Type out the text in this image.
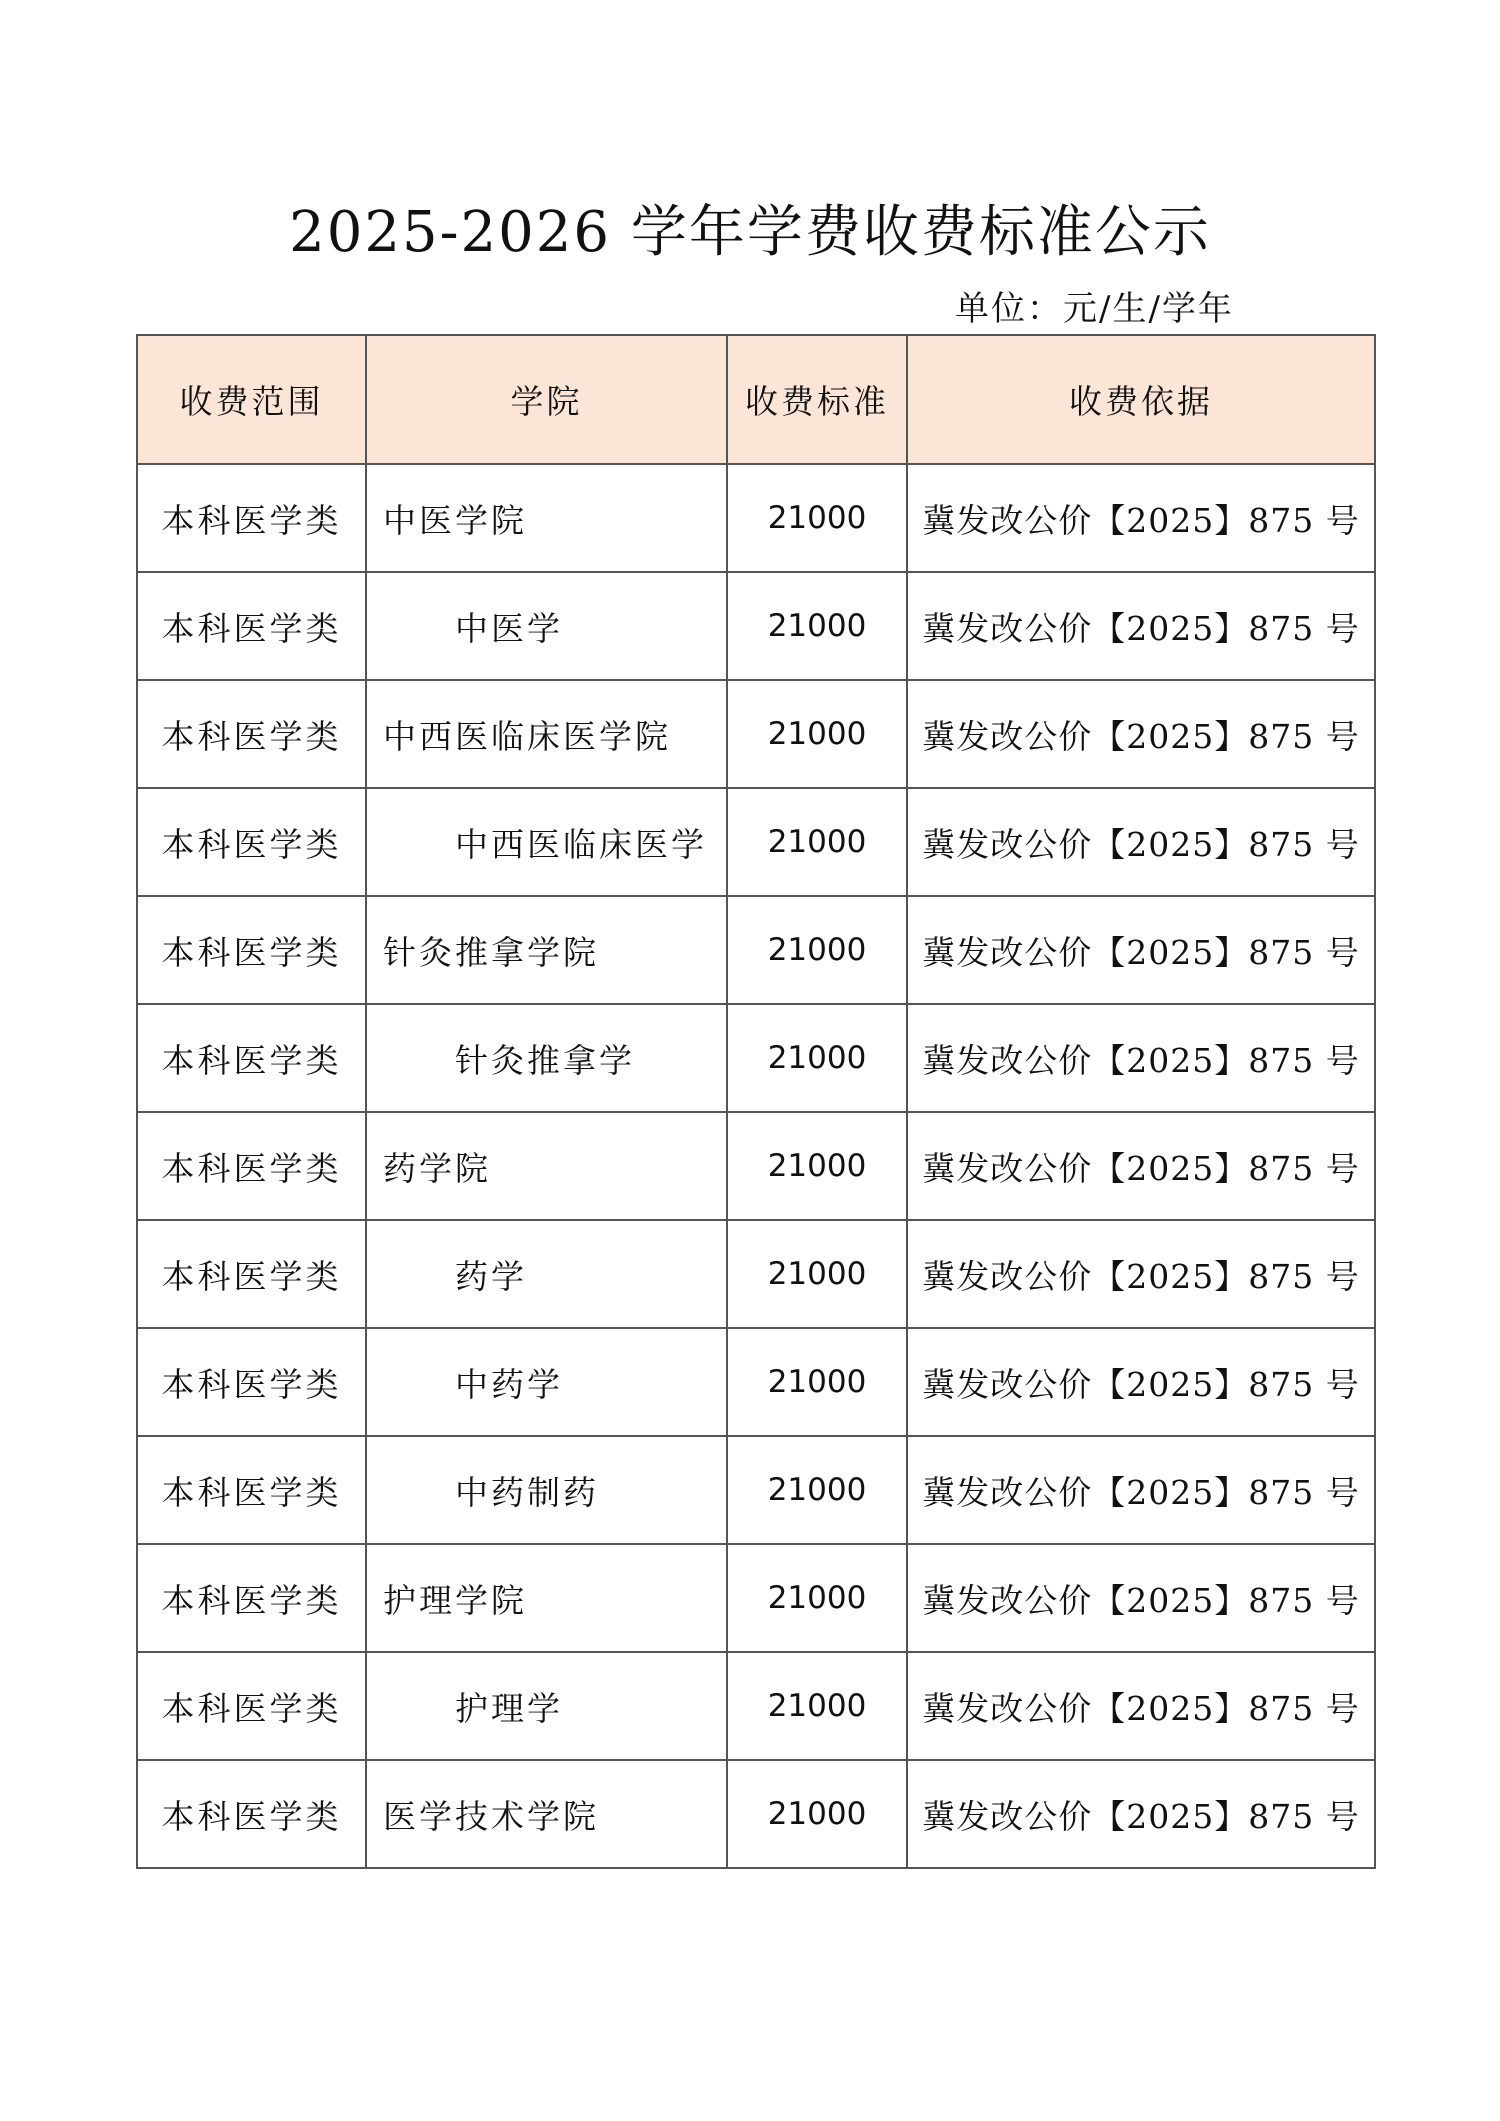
2025-2026 学年学费收费标准公示
单位：元/生/学年
收费范围	学院	收费标准	收费依据
本科医学类	中医学院	21000	冀发改公价【2025】875 号
本科医学类	中医学	21000	冀发改公价【2025】875 号
本科医学类	中西医临床医学院	21000	冀发改公价【2025】875 号
本科医学类	中西医临床医学	21000	冀发改公价【2025】875 号
本科医学类	针灸推拿学院	21000	冀发改公价【2025】875 号
本科医学类	针灸推拿学	21000	冀发改公价【2025】875 号
本科医学类	药学院	21000	冀发改公价【2025】875 号
本科医学类	药学	21000	冀发改公价【2025】875 号
本科医学类	中药学	21000	冀发改公价【2025】875 号
本科医学类	中药制药	21000	冀发改公价【2025】875 号
本科医学类	护理学院	21000	冀发改公价【2025】875 号
本科医学类	护理学	21000	冀发改公价【2025】875 号
本科医学类	医学技术学院	21000	冀发改公价【2025】875 号
